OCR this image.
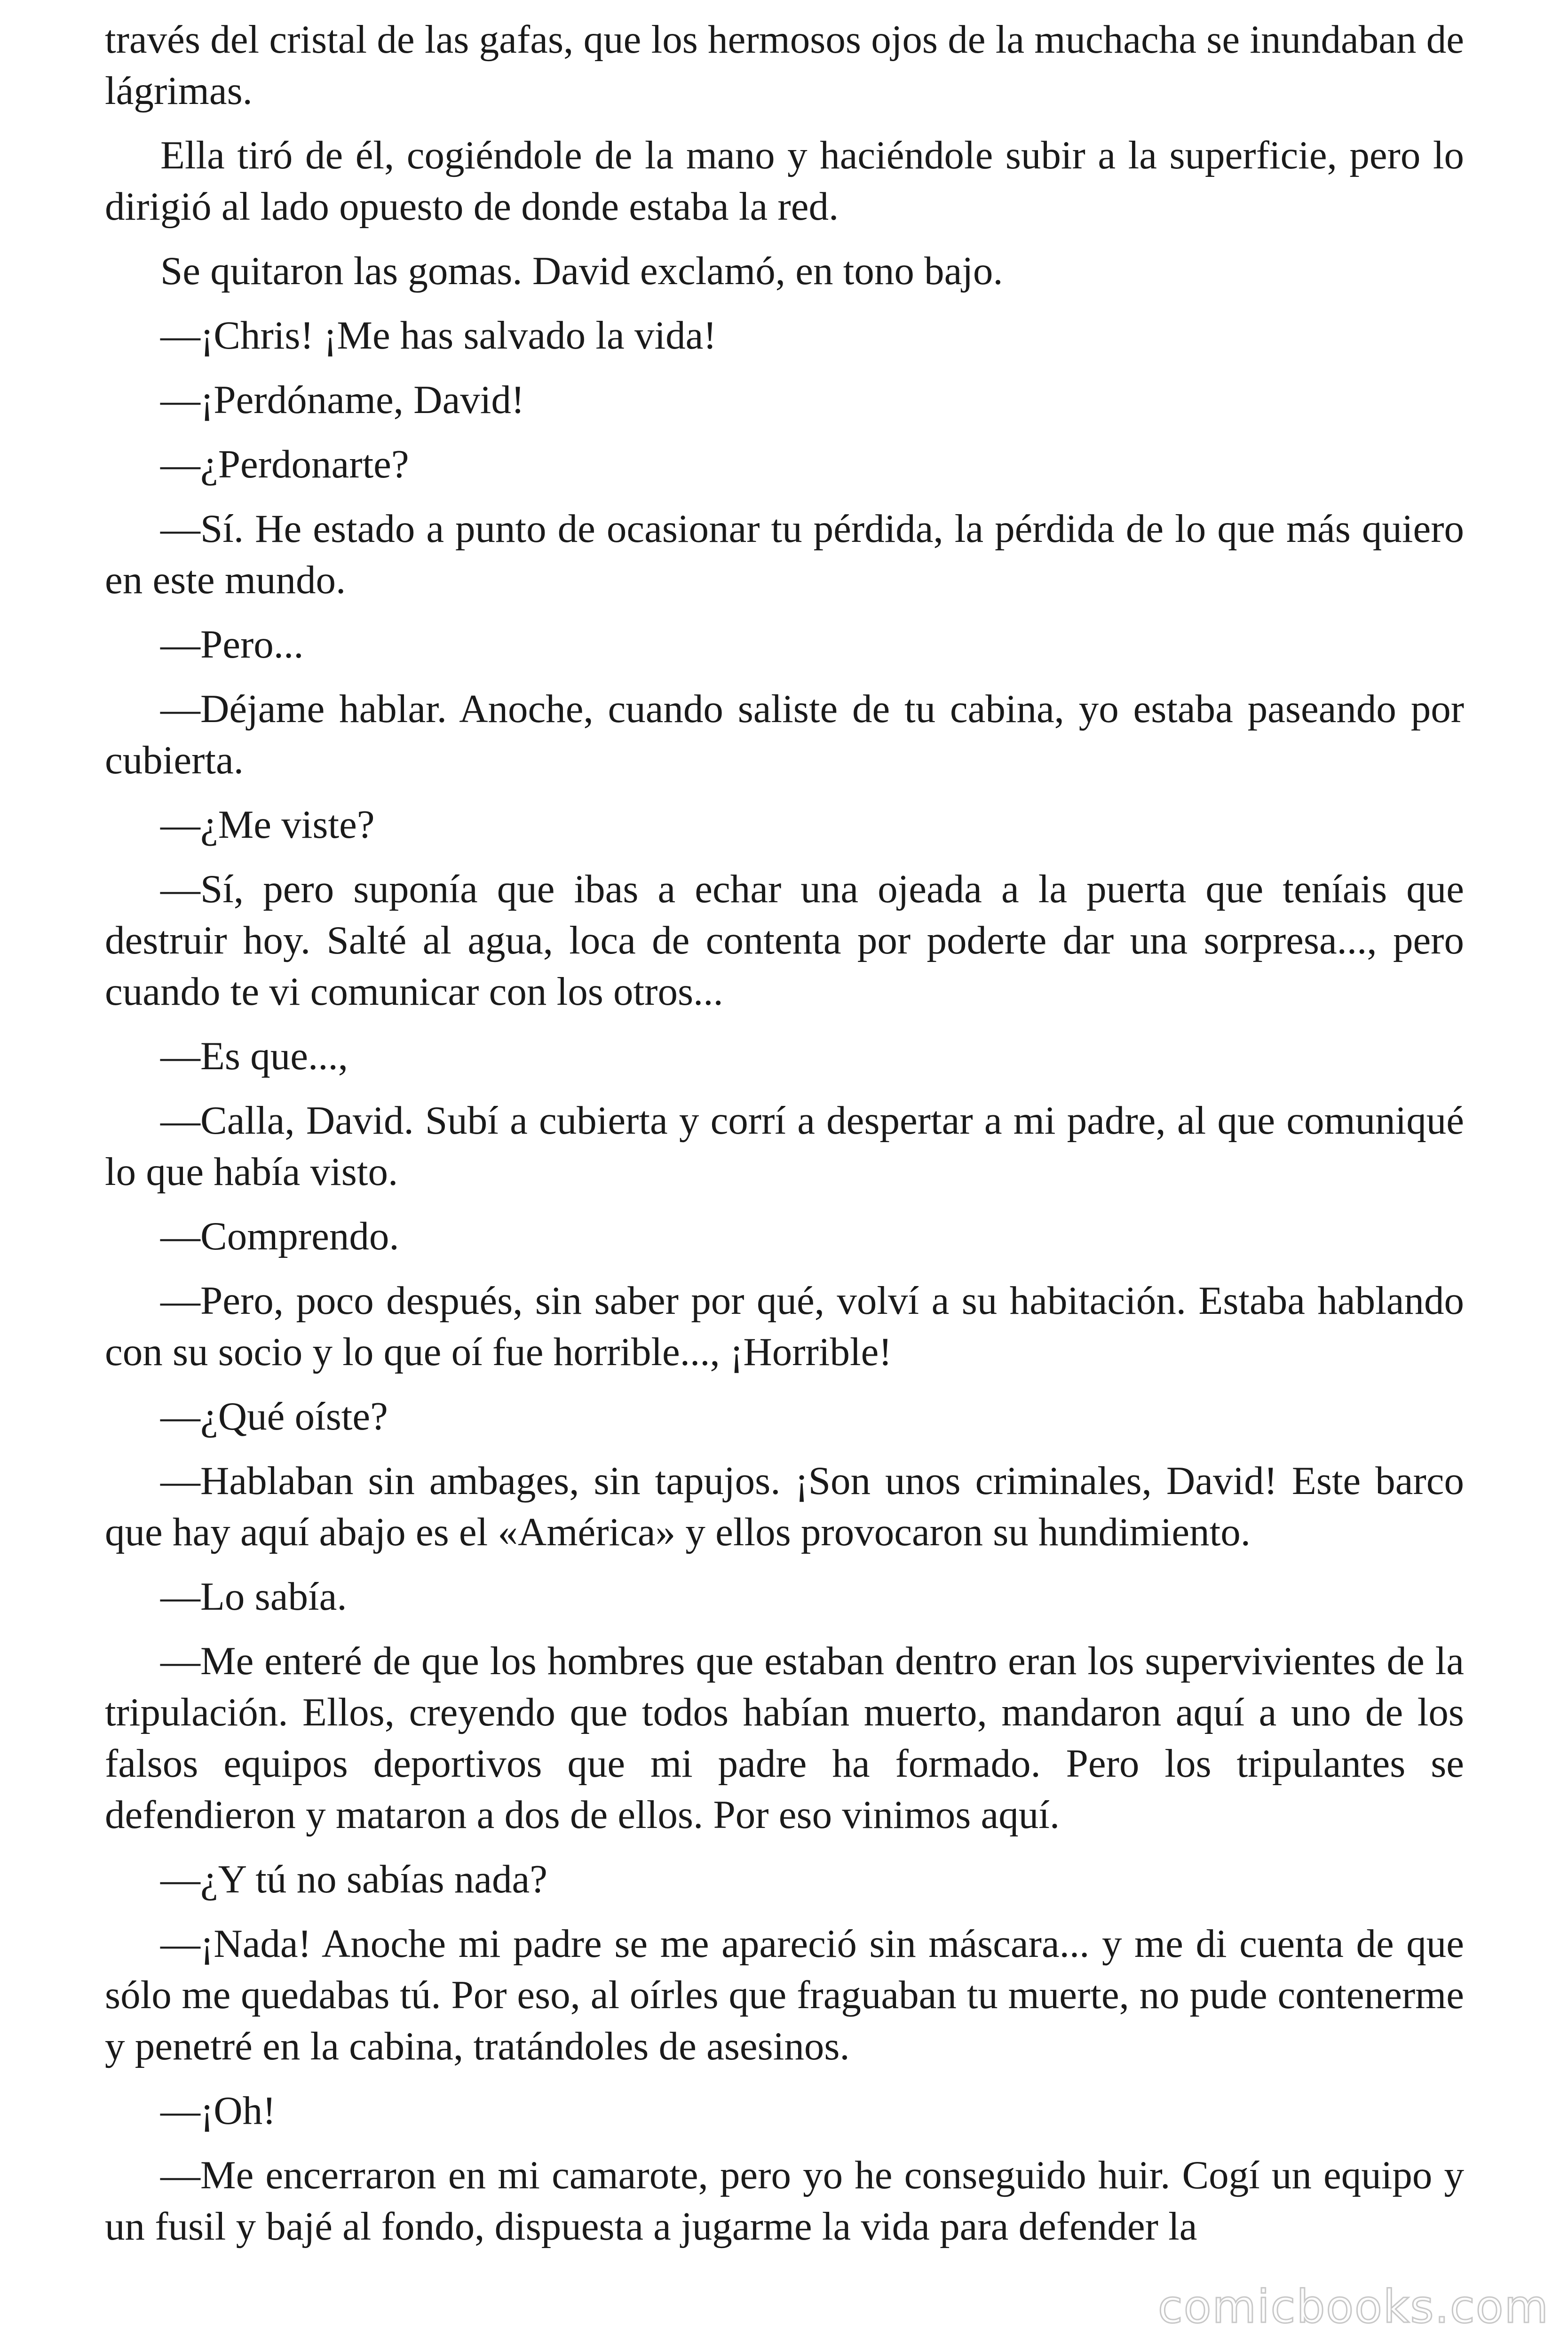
través del cristal de las gafas, que los hermosos ojos de la muchacha se inundaban de lágrimas.

Ella tiró de él, cogiéndole de la mano y haciéndole subir a la superficie, pero lo dirigió al lado opuesto de donde estaba la red.

Se quitaron las gomas. David exclamó, en tono bajo.

—¡Chris! ¡Me has salvado la vida!

—¡Perdóname, David!

—¿Perdonarte?

—Sí. He estado a punto de ocasionar tu pérdida, la pérdida de lo que más quiero en este mundo.

—Pero...

—Déjame hablar. Anoche, cuando saliste de tu cabina, yo estaba paseando por cubierta.

—¿Me viste?

—Sí, pero suponía que ibas a echar una ojeada a la puerta que teníais que destruir hoy. Salté al agua, loca de contenta por poderte dar una sorpresa..., pero cuando te vi comunicar con los otros...

—Es que...,

—Calla, David. Subí a cubierta y corrí a despertar a mi padre, al que comuniqué lo que había visto.

—Comprendo.

—Pero, poco después, sin saber por qué, volví a su habitación. Estaba hablando con su socio y lo que oí fue horrible..., ¡Horrible!

—¿Qué oíste?

—Hablaban sin ambages, sin tapujos. ¡Son unos criminales, David! Este barco que hay aquí abajo es el «América» y ellos provocaron su hundimiento.

—Lo sabía.

—Me enteré de que los hombres que estaban dentro eran los supervivientes de la tripulación. Ellos, creyendo que todos habían muerto, mandaron aquí a uno de los falsos equipos deportivos que mi padre ha formado. Pero los tripulantes se defendieron y mataron a dos de ellos. Por eso vinimos aquí.

—¿Y tú no sabías nada?

—¡Nada! Anoche mi padre se me apareció sin máscara... y me di cuenta de que sólo me quedabas tú. Por eso, al oírles que fraguaban tu muerte, no pude contenerme y penetré en la cabina, tratándoles de asesinos.

—¡Oh!

—Me encerraron en mi camarote, pero yo he conseguido huir. Cogí un equipo y un fusil y bajé al fondo, dispuesta a jugarme la vida para defender la

comicbooks.com
